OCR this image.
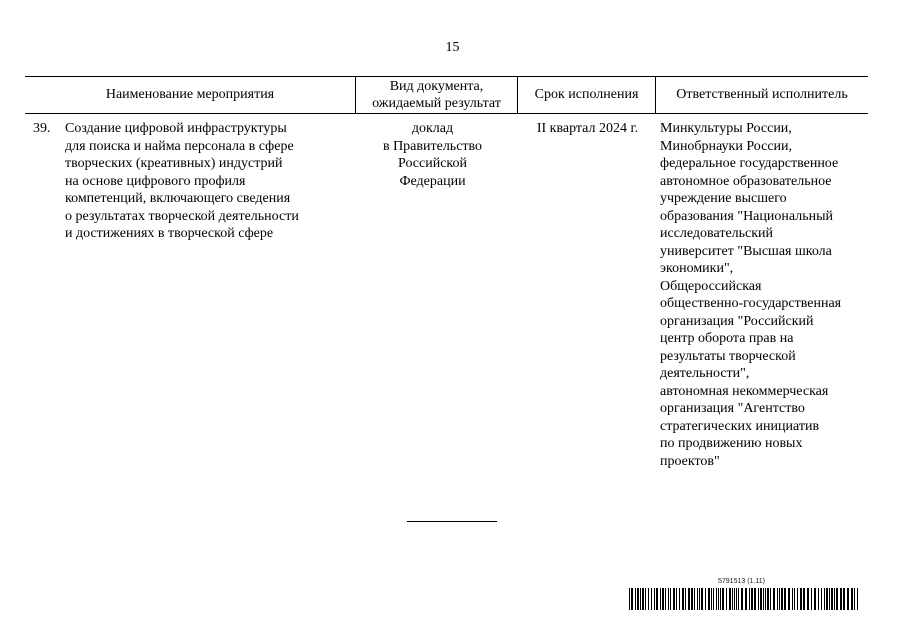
15
Наименование мероприятия
Вид документа,
ожидаемый результат
Срок исполнения	Ответственный исполнитель
39. Создание цифровой инфраструктуры
для поиска и найма персонала в сфере
творческих (креативных) индустрий
на основе цифрового профиля
компетенций, включающего сведения
о результатах творческой деятельности
и достижениях в творческой сфере
доклад
в Правительство
Российской
Федерации
II квартал 2024 г.	Минкультуры России,
Минобрнауки России,
федеральное государственное
автономное образовательное
учреждение высшего
образования "Национальный
исследовательский
университет "Высшая школа
экономики",
Общероссийская
общественно-государственная
организация "Российский
центр оборота прав на
результаты творческой
деятельности",
автономная некоммерческая
организация "Агентство
стратегических инициатив
по продвижению новых
проектов"
5791513 (1.11)
